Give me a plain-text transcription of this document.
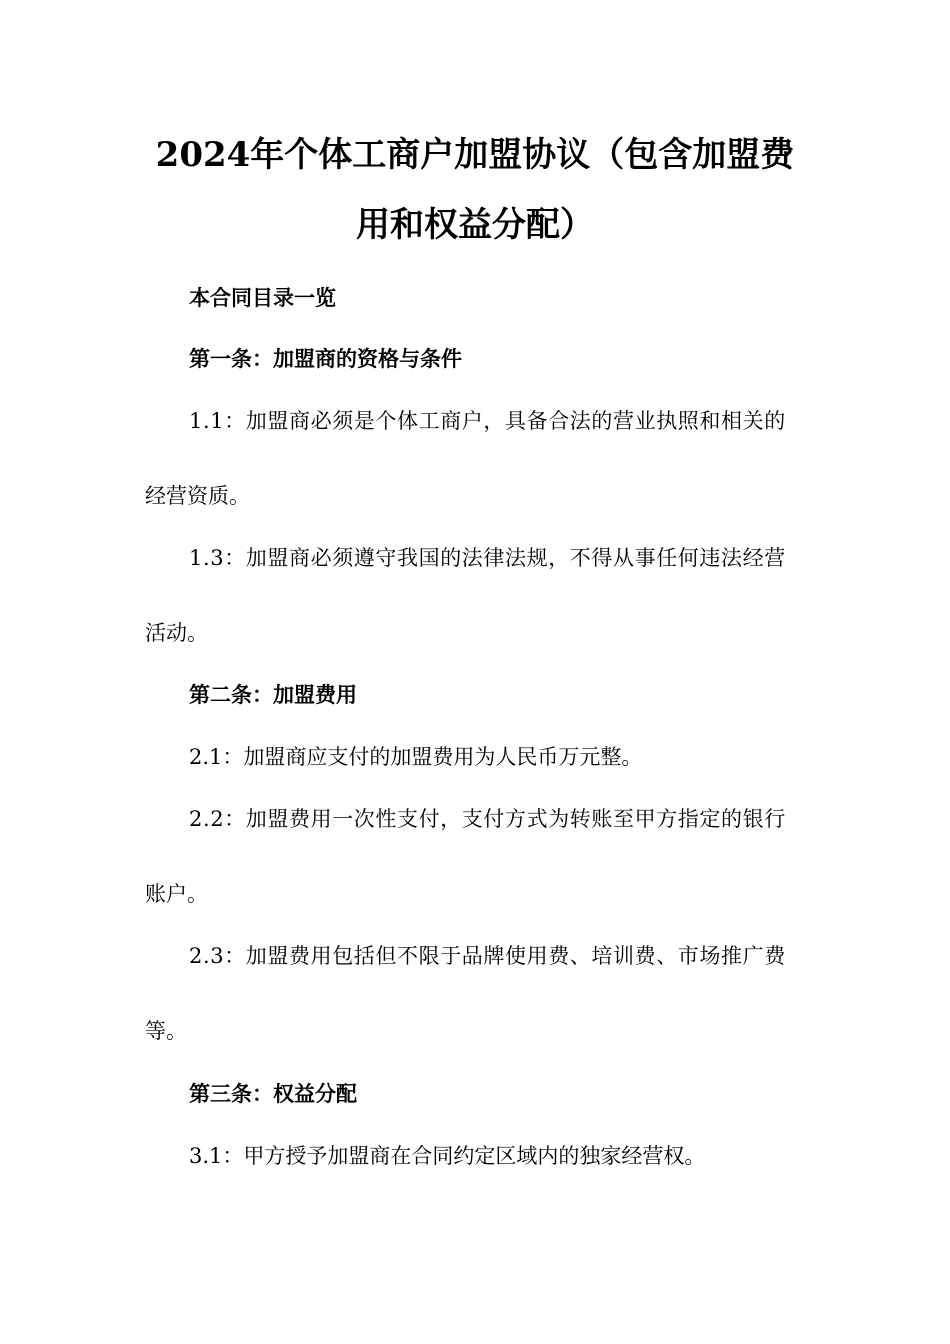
2024年个体工商户加盟协议（包含加盟费
用和权益分配）
本合同目录一览
第一条：加盟商的资格与条件
1.1：加盟商必须是个体工商户，具备合法的营业执照和相关的
经营资质。
1.3：加盟商必须遵守我国的法律法规，不得从事任何违法经营
活动。
第二条：加盟费用
2.1：加盟商应支付的加盟费用为人民币万元整。
2.2：加盟费用一次性支付，支付方式为转账至甲方指定的银行
账户。
2.3：加盟费用包括但不限于品牌使用费、培训费、市场推广费
等。
第三条：权益分配
3.1：甲方授予加盟商在合同约定区域内的独家经营权。
